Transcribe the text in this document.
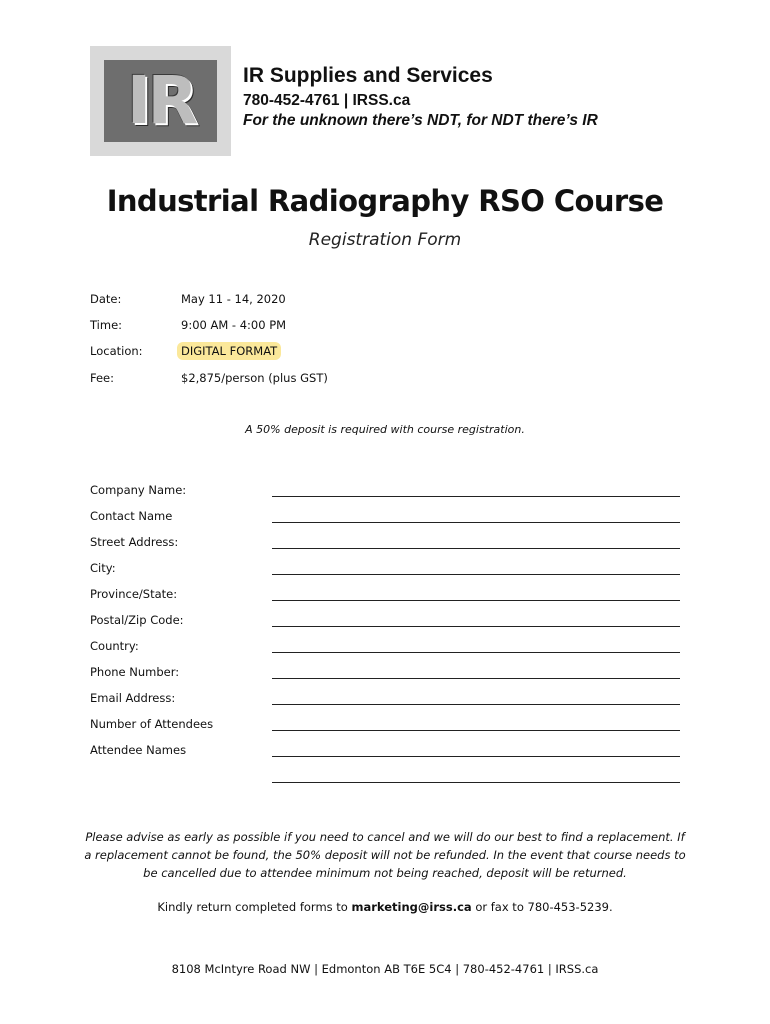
IR	IR Supplies and Services
780-452-4761 | IRSS.ca
For the unknown there’s NDT, for NDT there’s IR
Industrial Radiography RSO Course
Registration Form
Date:	May 11 - 14, 2020
Time:	9:00 AM - 4:00 PM
Location:	DIGITAL FORMAT
Fee:	$2,875/person (plus GST)
A 50% deposit is required with course registration.
Company Name:
Contact Name
Street Address:
City:
Province/State:
Postal/Zip Code:
Country:
Phone Number:
Email Address:
Number of Attendees
Attendee Names
Please advise as early as possible if you need to cancel and we will do our best to find a replacement. If a replacement cannot be found, the 50% deposit will not be refunded. In the event that course needs to be cancelled due to attendee minimum not being reached, deposit will be returned.
Kindly return completed forms to marketing@irss.ca or fax to 780-453-5239.
8108 McIntyre Road NW | Edmonton AB T6E 5C4 | 780-452-4761 | IRSS.ca
